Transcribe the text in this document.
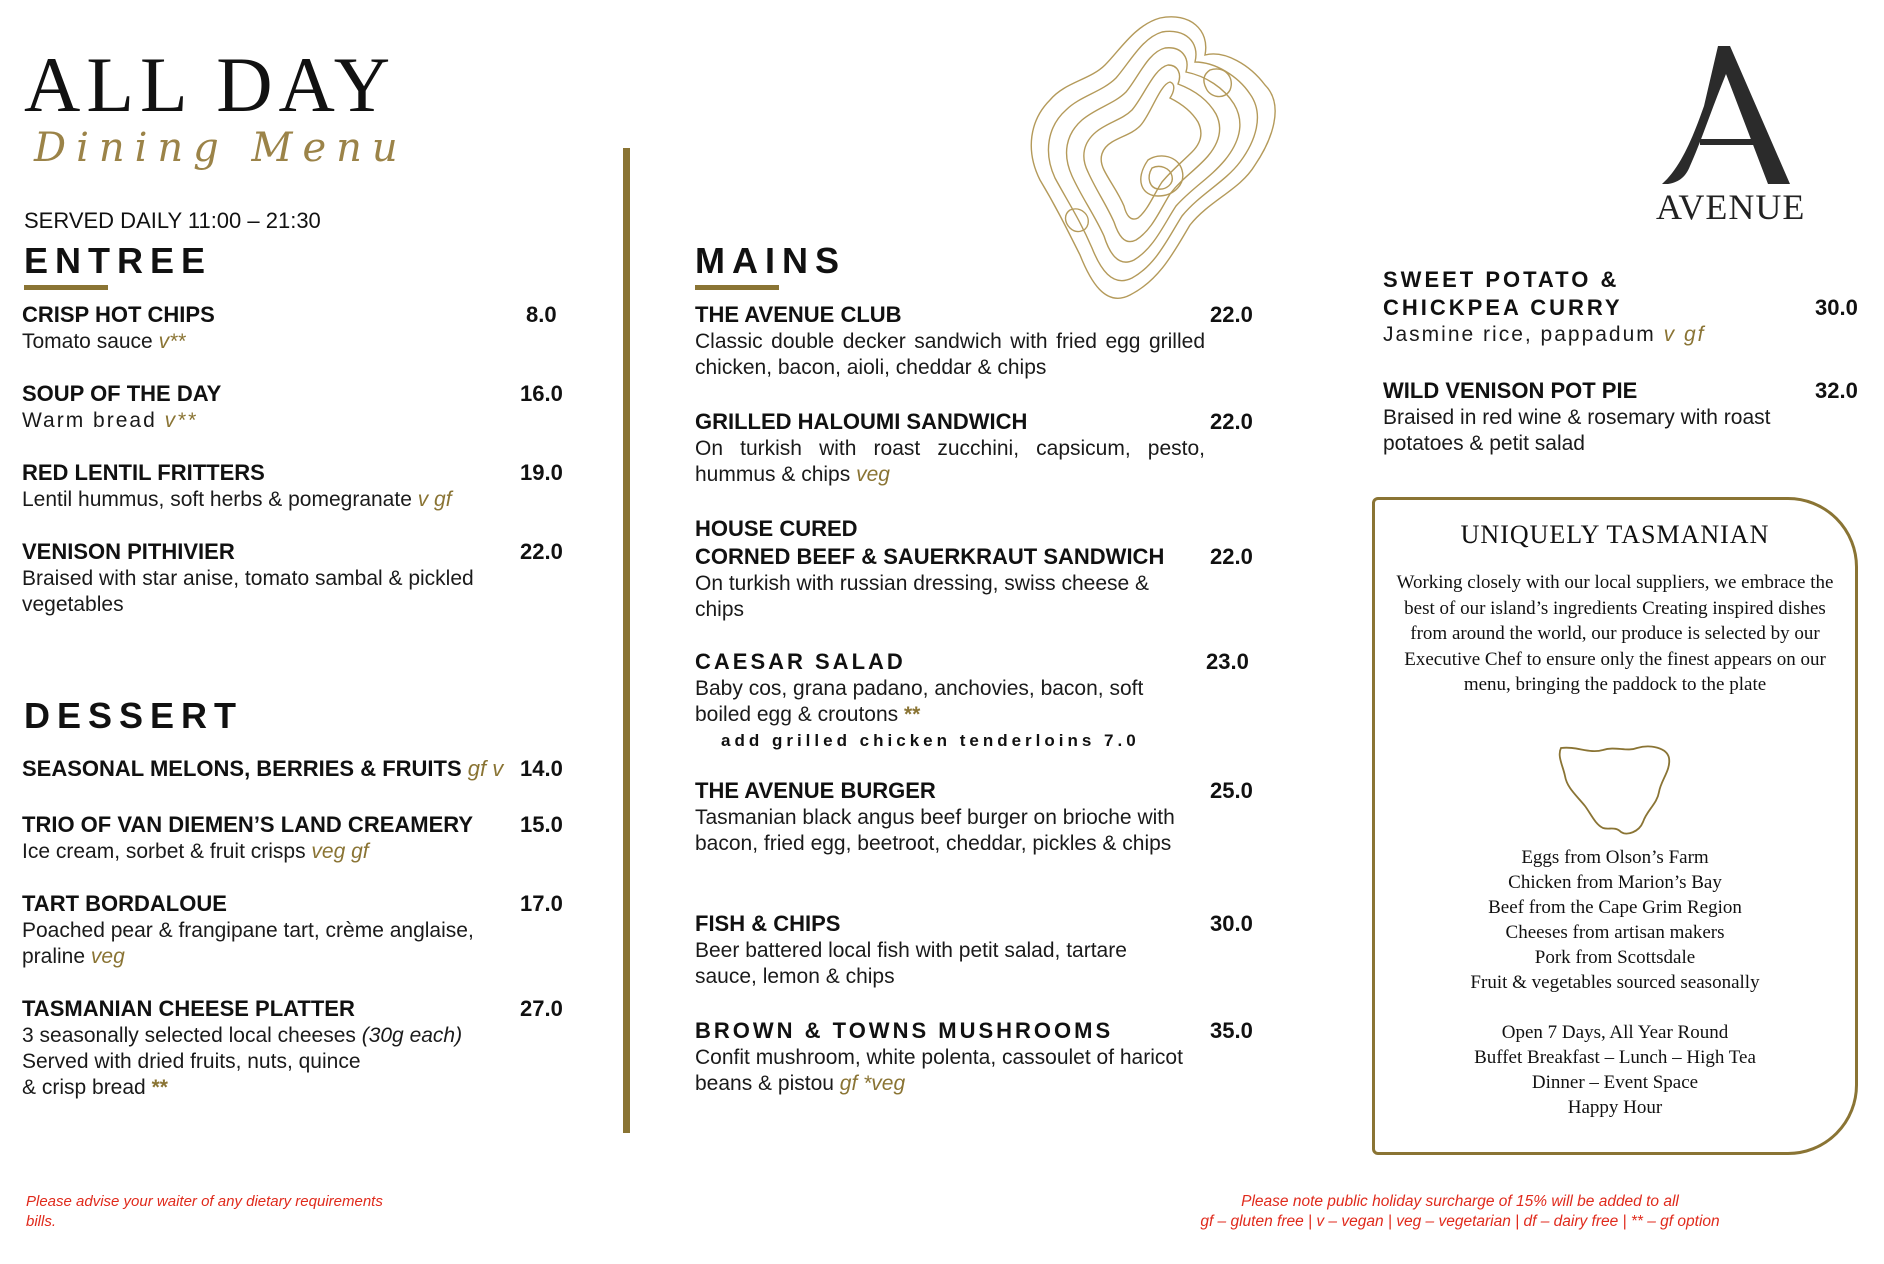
ALL DAY
Dining Menu
SERVED DAILY 11:00 – 21:30
ENTREE
CRISP HOT CHIPS
Tomato sauce v**
8.0
SOUP OF THE DAY
Warm bread v**
16.0
RED LENTIL FRITTERS
Lentil hummus, soft herbs & pomegranate v gf
19.0
VENISON PITHIVIER
Braised with star anise, tomato sambal & pickled vegetables
22.0
DESSERT
SEASONAL MELONS, BERRIES & FRUITS gf v 14.0
TRIO OF VAN DIEMEN’S LAND CREAMERY
Ice cream, sorbet & fruit crisps veg gf
15.0
TART BORDALOUE
Poached pear & frangipane tart, crème anglaise, praline veg
17.0
TASMANIAN CHEESE PLATTER
3 seasonally selected local cheeses (30g each)
Served with dried fruits, nuts, quince
& crisp bread **
27.0
MAINS
THE AVENUE CLUB
Classic double decker sandwich with fried egg grilled chicken, bacon, aioli, cheddar & chips
22.0
GRILLED HALOUMI SANDWICH
On turkish with roast zucchini, capsicum, pesto, hummus & chips veg
22.0
HOUSE CURED
CORNED BEEF & SAUERKRAUT SANDWICH
On turkish with russian dressing, swiss cheese & chips
22.0
CAESAR SALAD
Baby cos, grana padano, anchovies, bacon, soft boiled egg & croutons **
add grilled chicken tenderloins 7.0
23.0
THE AVENUE BURGER
Tasmanian black angus beef burger on brioche with bacon, fried egg, beetroot, cheddar, pickles & chips
25.0
FISH & CHIPS
Beer battered local fish with petit salad, tartare sauce, lemon & chips
30.0
BROWN & TOWNS MUSHROOMS
Confit mushroom, white polenta, cassoulet of haricot beans & pistou gf *veg
35.0
AVENUE
SWEET POTATO &
CHICKPEA CURRY
Jasmine rice, pappadum v gf
30.0
WILD VENISON POT PIE
Braised in red wine & rosemary with roast potatoes & petit salad
32.0
UNIQUELY TASMANIAN
Working closely with our local suppliers, we embrace the best of our island’s ingredients Creating inspired dishes from around the world, our produce is selected by our Executive Chef to ensure only the finest appears on our menu, bringing the paddock to the plate
Eggs from Olson’s Farm
Chicken from Marion’s Bay
Beef from the Cape Grim Region
Cheeses from artisan makers
Pork from Scottsdale
Fruit & vegetables sourced seasonally
Open 7 Days, All Year Round
Buffet Breakfast – Lunch – High Tea
Dinner – Event Space
Happy Hour
Please advise your waiter of any dietary requirements
bills.
Please note public holiday surcharge of 15% will be added to all
gf – gluten free | v – vegan | veg – vegetarian | df – dairy free | ** – gf option
